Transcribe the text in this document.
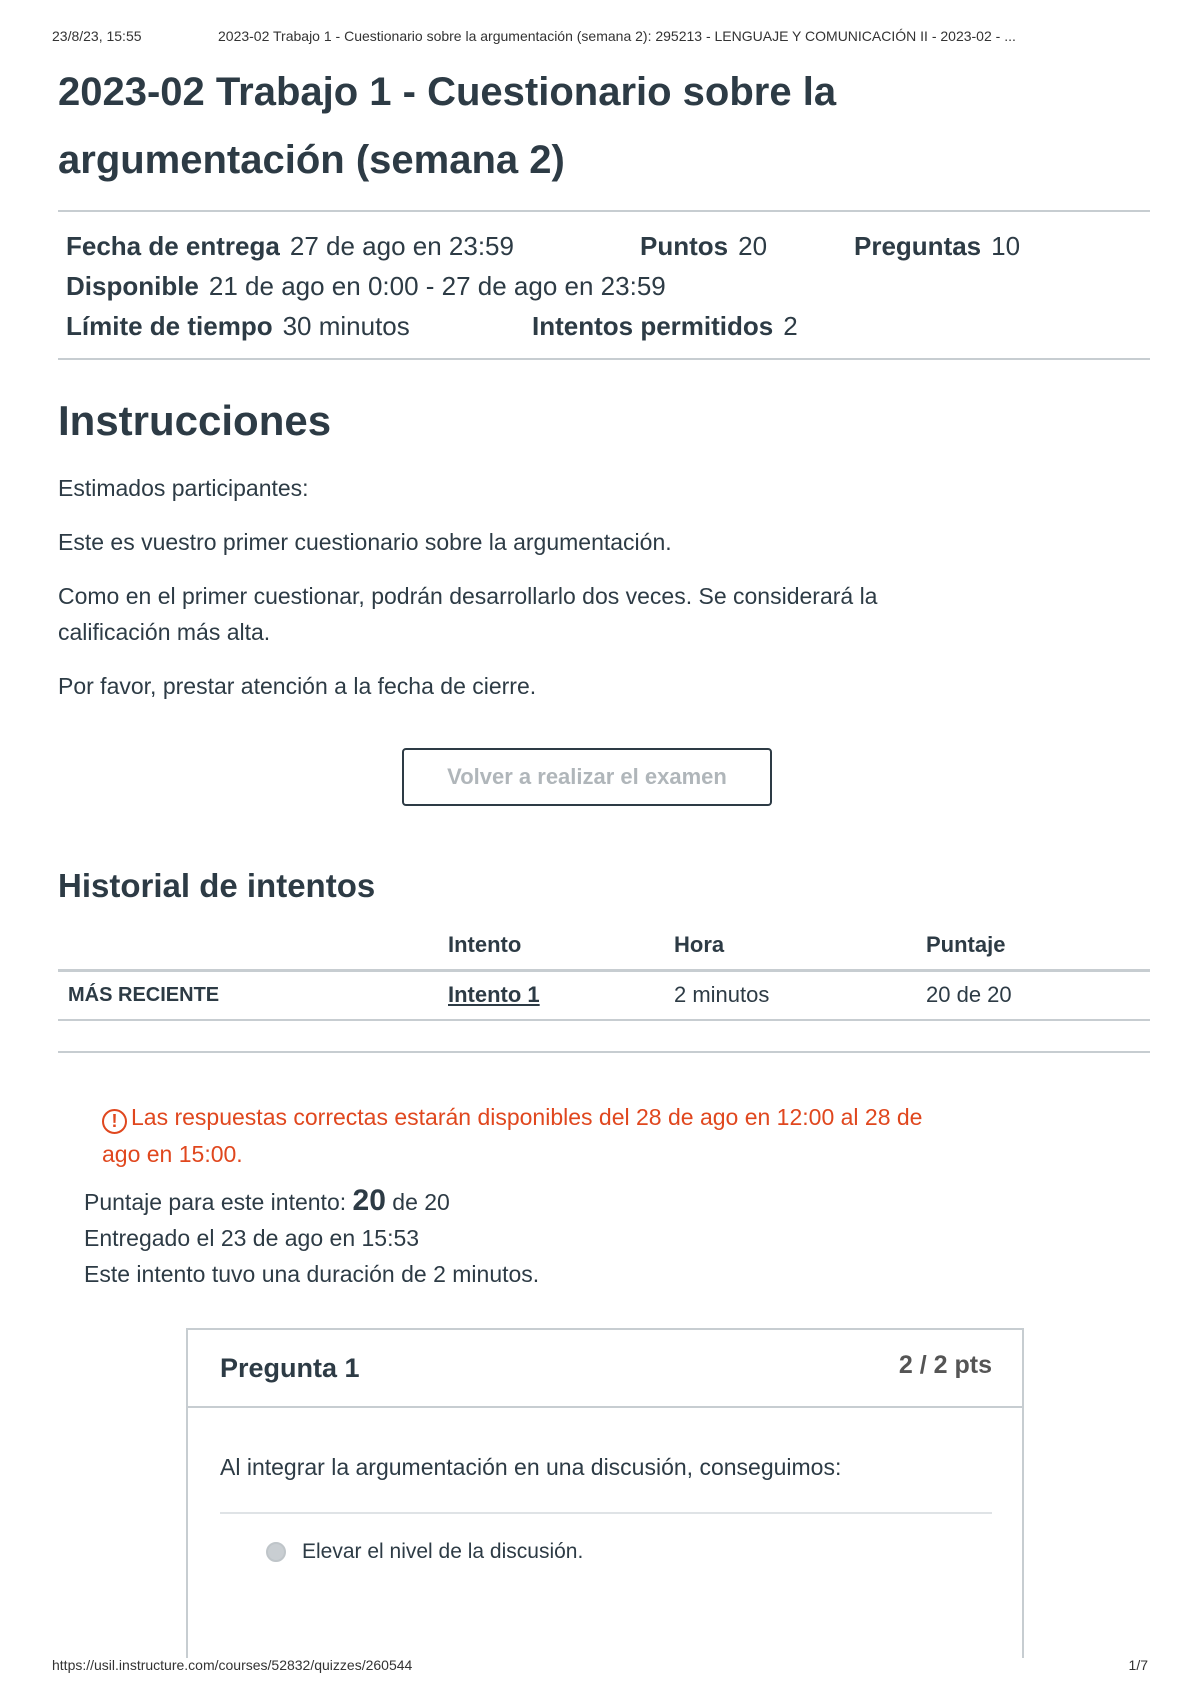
23/8/23, 15:55	2023-02 Trabajo 1 - Cuestionario sobre la argumentación (semana 2): 295213 - LENGUAJE Y COMUNICACIÓN II - 2023-02 - ...
2023-02 Trabajo 1 - Cuestionario sobre la
argumentación (semana 2)
Fecha de entrega 27 de ago en 23:59	Puntos 20	Preguntas 10
Disponible 21 de ago en 0:00 - 27 de ago en 23:59
Límite de tiempo 30 minutos	Intentos permitidos 2
Instrucciones

Estimados participantes:

Este es vuestro primer cuestionario sobre la argumentación.

Como en el primer cuestionar, podrán desarrollarlo dos veces. Se considerará la
calificación más alta.

Por favor, prestar atención a la fecha de cierre.

Volver a realizar el examen
Historial de intentos
	Intento	Hora	Puntaje
MÁS RECIENTE	Intento 1	2 minutos	20 de 20
! Las respuestas correctas estarán disponibles del 28 de ago en 12:00 al 28 de
ago en 15:00.
Puntaje para este intento: 20 de 20
Entregado el 23 de ago en 15:53
Este intento tuvo una duración de 2 minutos.
Pregunta 1	2 / 2 pts
Al integrar la argumentación en una discusión, conseguimos:
Elevar el nivel de la discusión.
https://usil.instructure.com/courses/52832/quizzes/260544	1/7
